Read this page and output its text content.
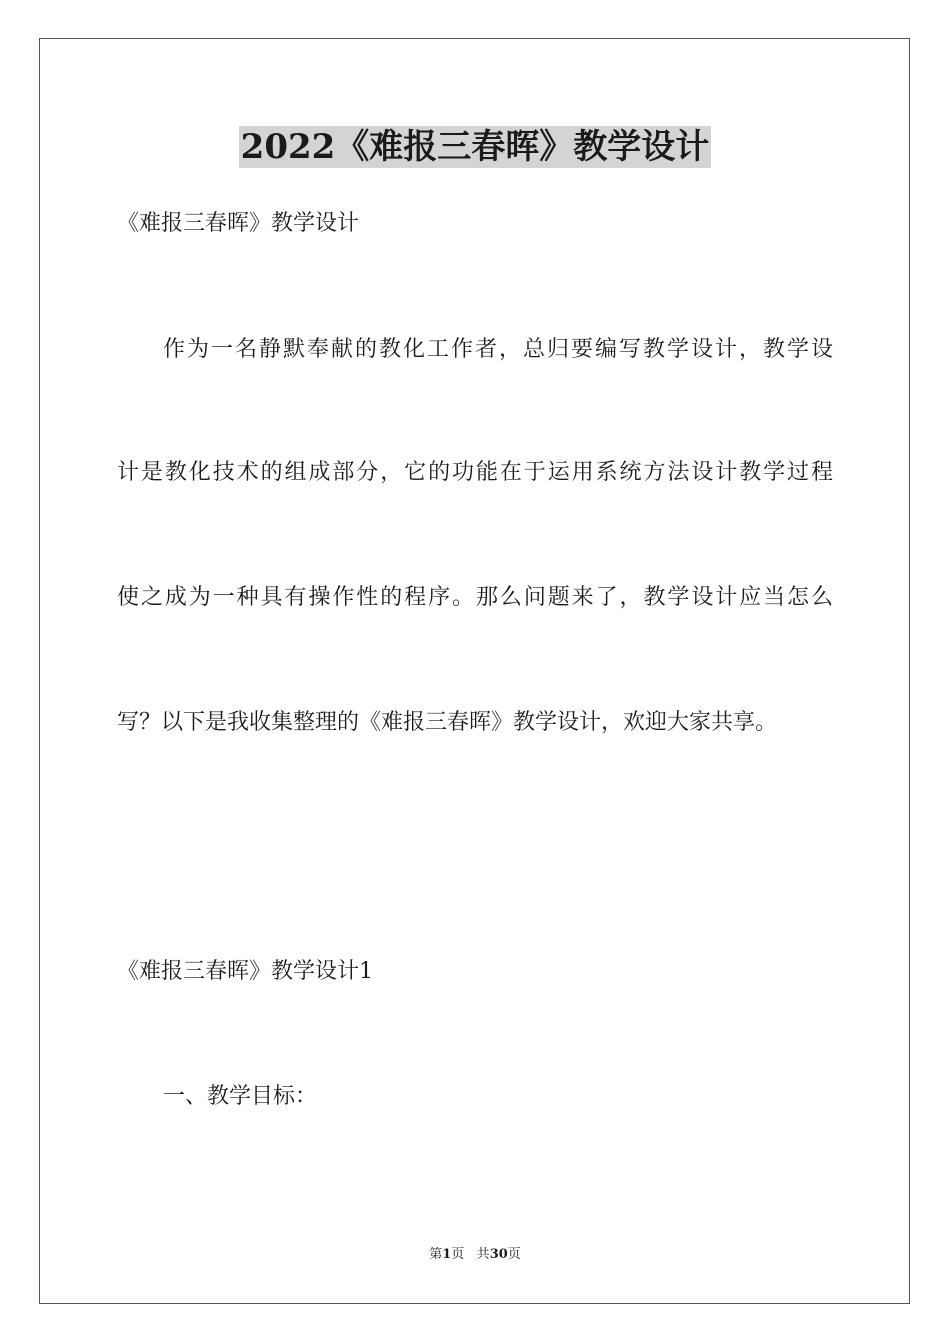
2022《难报三春晖》教学设计
《难报三春晖》教学设计
作为一名静默奉献的教化工作者，总归要编写教学设计，教学设
计是教化技术的组成部分，它的功能在于运用系统方法设计教学过程
使之成为一种具有操作性的程序。那么问题来了，教学设计应当怎么
写？以下是我收集整理的《难报三春晖》教学设计，欢迎大家共享。
《难报三春晖》教学设计1
一、教学目标：
第1页 共30页
